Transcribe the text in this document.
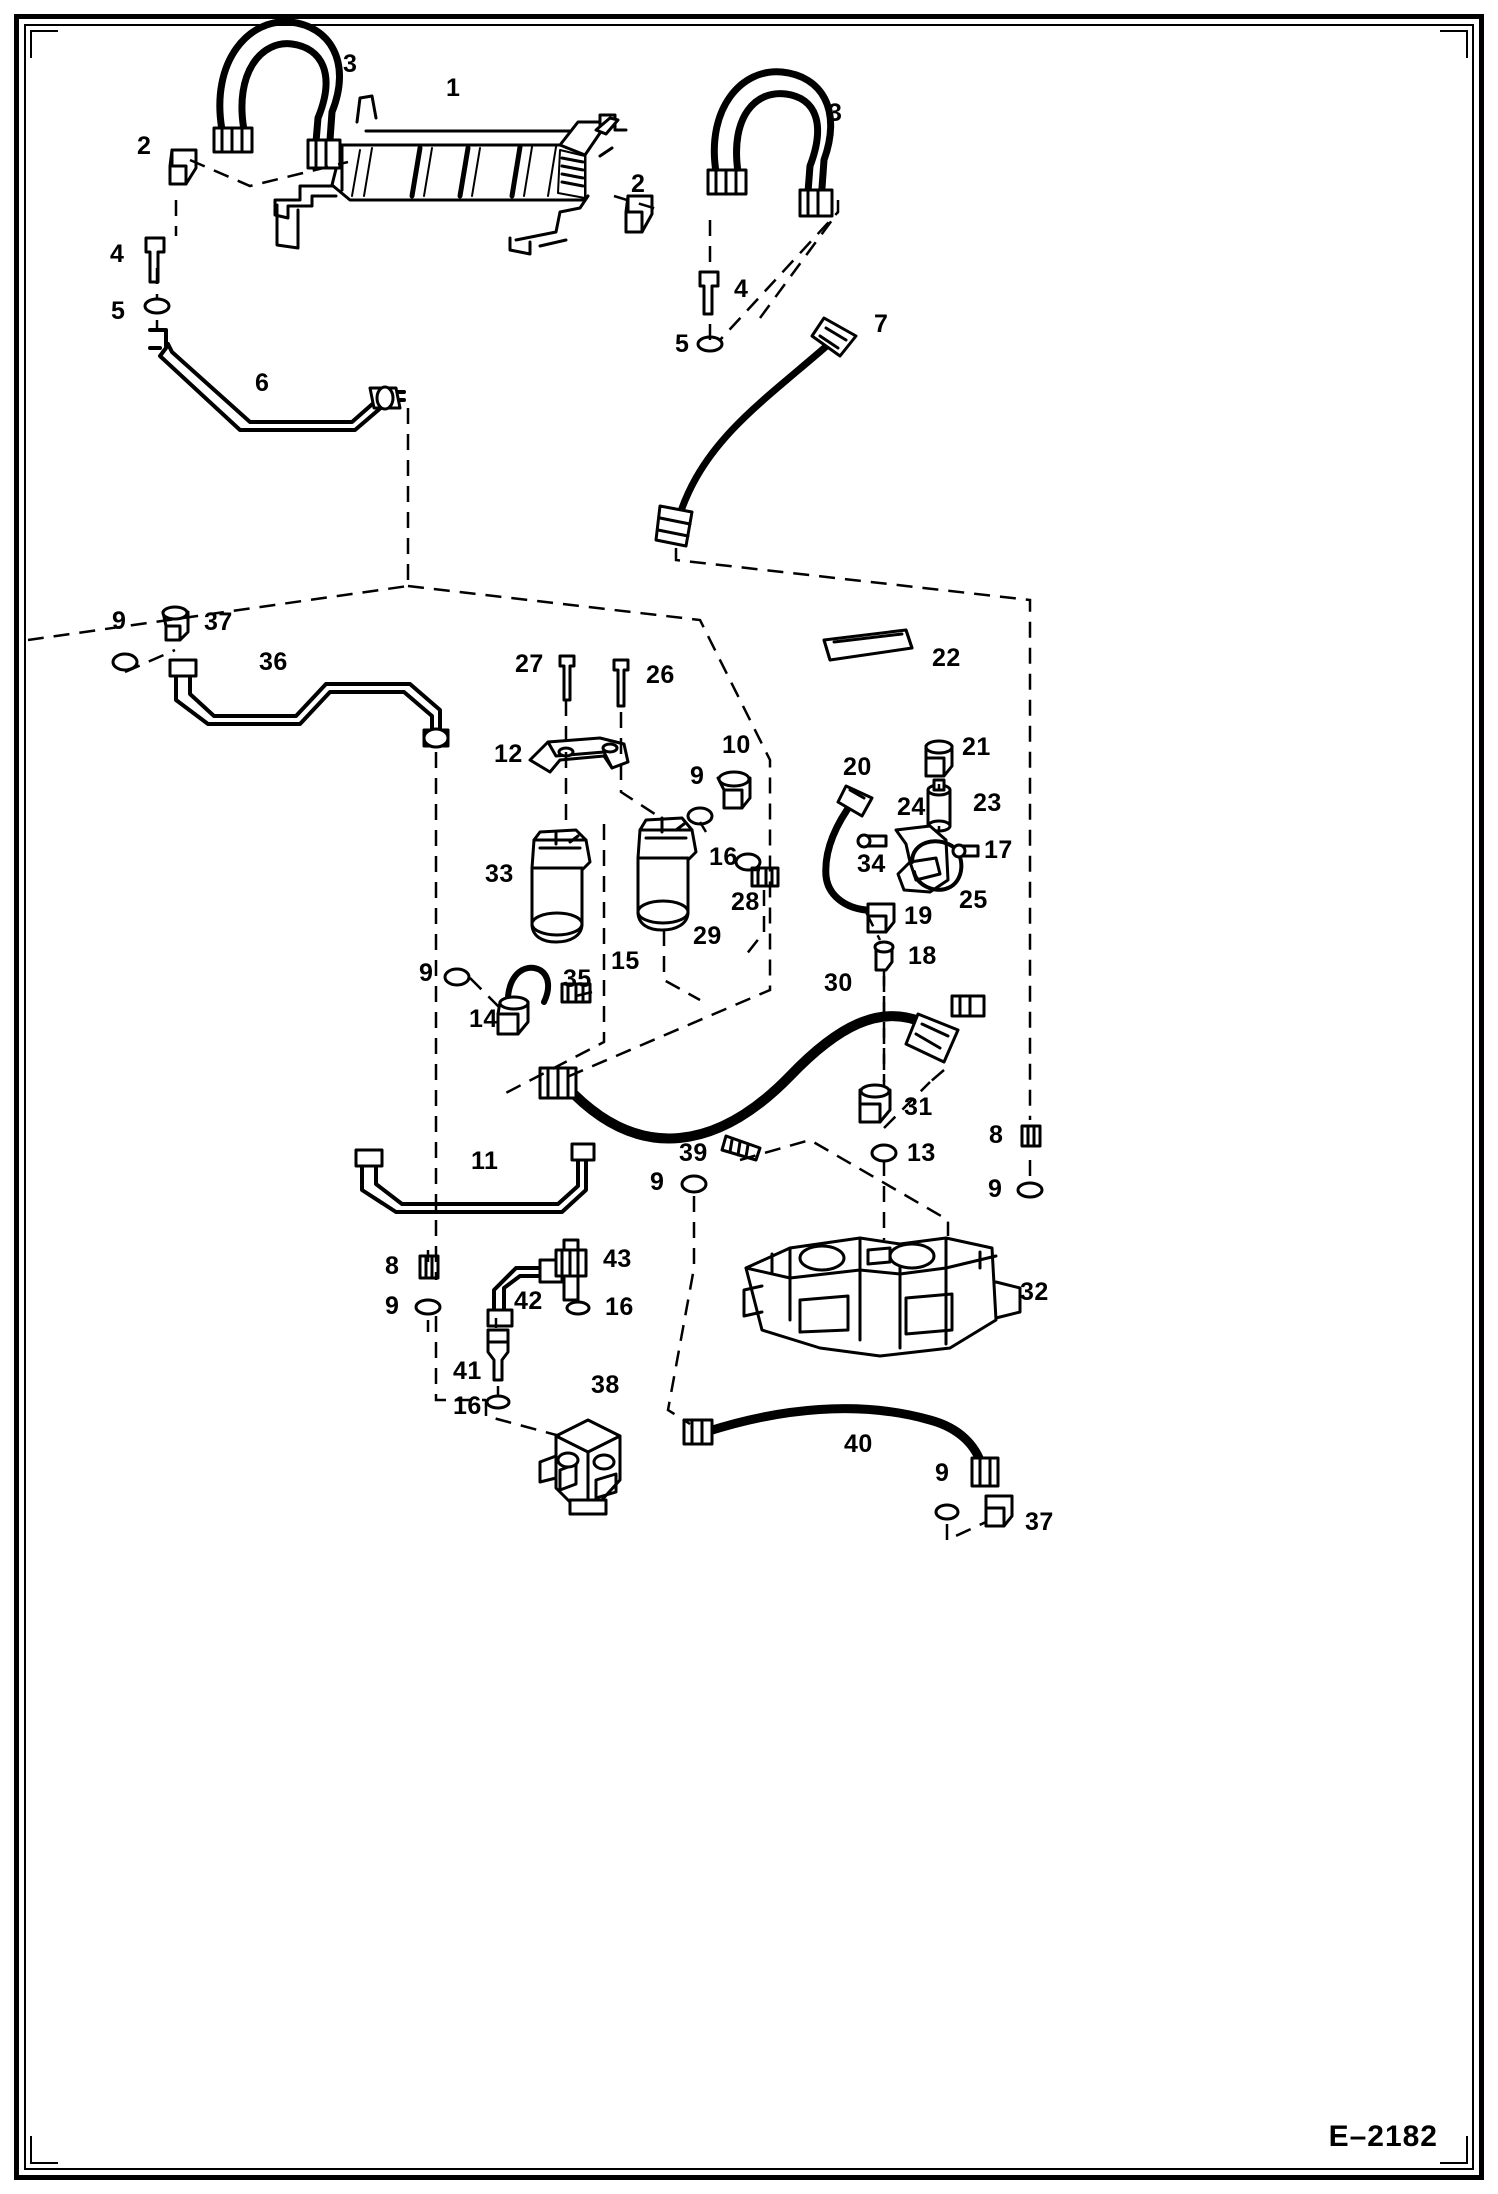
1
2
3
3
2
4
5
6
4
5
7
9	37
36	27	26
12
22
10
9
21
20
23
24
17
34
25
16
28
33
29
9	15
35
14
30
19
18
31
13
8
9
39
9
11
8
9
43
42 16
41
16
38
32
40
9
37
E–2182
